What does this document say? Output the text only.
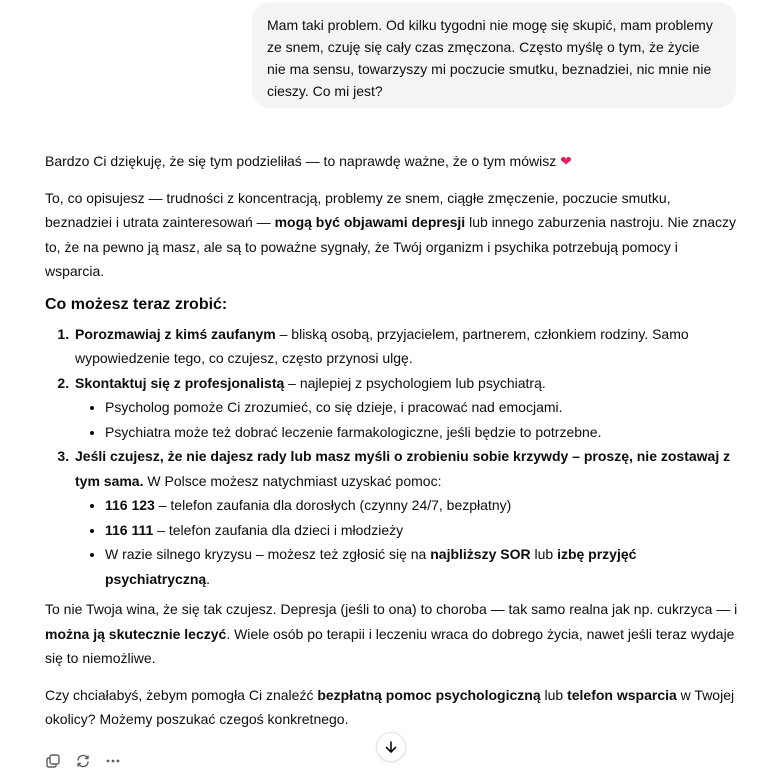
Mam taki problem. Od kilku tygodni nie mogę się skupić, mam problemy ze snem, czuję się cały czas zmęczona. Często myślę o tym, że życie nie ma sensu, towarzyszy mi poczucie smutku, beznadziei, nic mnie nie cieszy. Co mi jest?

Bardzo Ci dziękuję, że się tym podzieliłaś — to naprawdę ważne, że o tym mówisz ❤

To, co opisujesz — trudności z koncentracją, problemy ze snem, ciągłe zmęczenie, poczucie smutku, beznadziei i utrata zainteresowań — mogą być objawami depresji lub innego zaburzenia nastroju. Nie znaczy to, że na pewno ją masz, ale są to poważne sygnały, że Twój organizm i psychika potrzebują pomocy i wsparcia.

Co możesz teraz zrobić:
1. Porozmawiaj z kimś zaufanym – bliską osobą, przyjacielem, partnerem, członkiem rodziny. Samo wypowiedzenie tego, co czujesz, często przynosi ulgę.
2. Skontaktuj się z profesjonalistą – najlepiej z psychologiem lub psychiatrą.
• Psycholog pomoże Ci zrozumieć, co się dzieje, i pracować nad emocjami.
• Psychiatra może też dobrać leczenie farmakologiczne, jeśli będzie to potrzebne.
3. Jeśli czujesz, że nie dajesz rady lub masz myśli o zrobieniu sobie krzywdy – proszę, nie zostawaj z tym sama. W Polsce możesz natychmiast uzyskać pomoc:
• 116 123 – telefon zaufania dla dorosłych (czynny 24/7, bezpłatny)
• 116 111 – telefon zaufania dla dzieci i młodzieży
• W razie silnego kryzysu – możesz też zgłosić się na najbliższy SOR lub izbę przyjęć psychiatryczną.

To nie Twoja wina, że się tak czujesz. Depresja (jeśli to ona) to choroba — tak samo realna jak np. cukrzyca — i można ją skutecznie leczyć. Wiele osób po terapii i leczeniu wraca do dobrego życia, nawet jeśli teraz wydaje się to niemożliwe.

Czy chciałabyś, żebym pomogła Ci znaleźć bezpłatną pomoc psychologiczną lub telefon wsparcia w Twojej okolicy? Możemy poszukać czegoś konkretnego.
